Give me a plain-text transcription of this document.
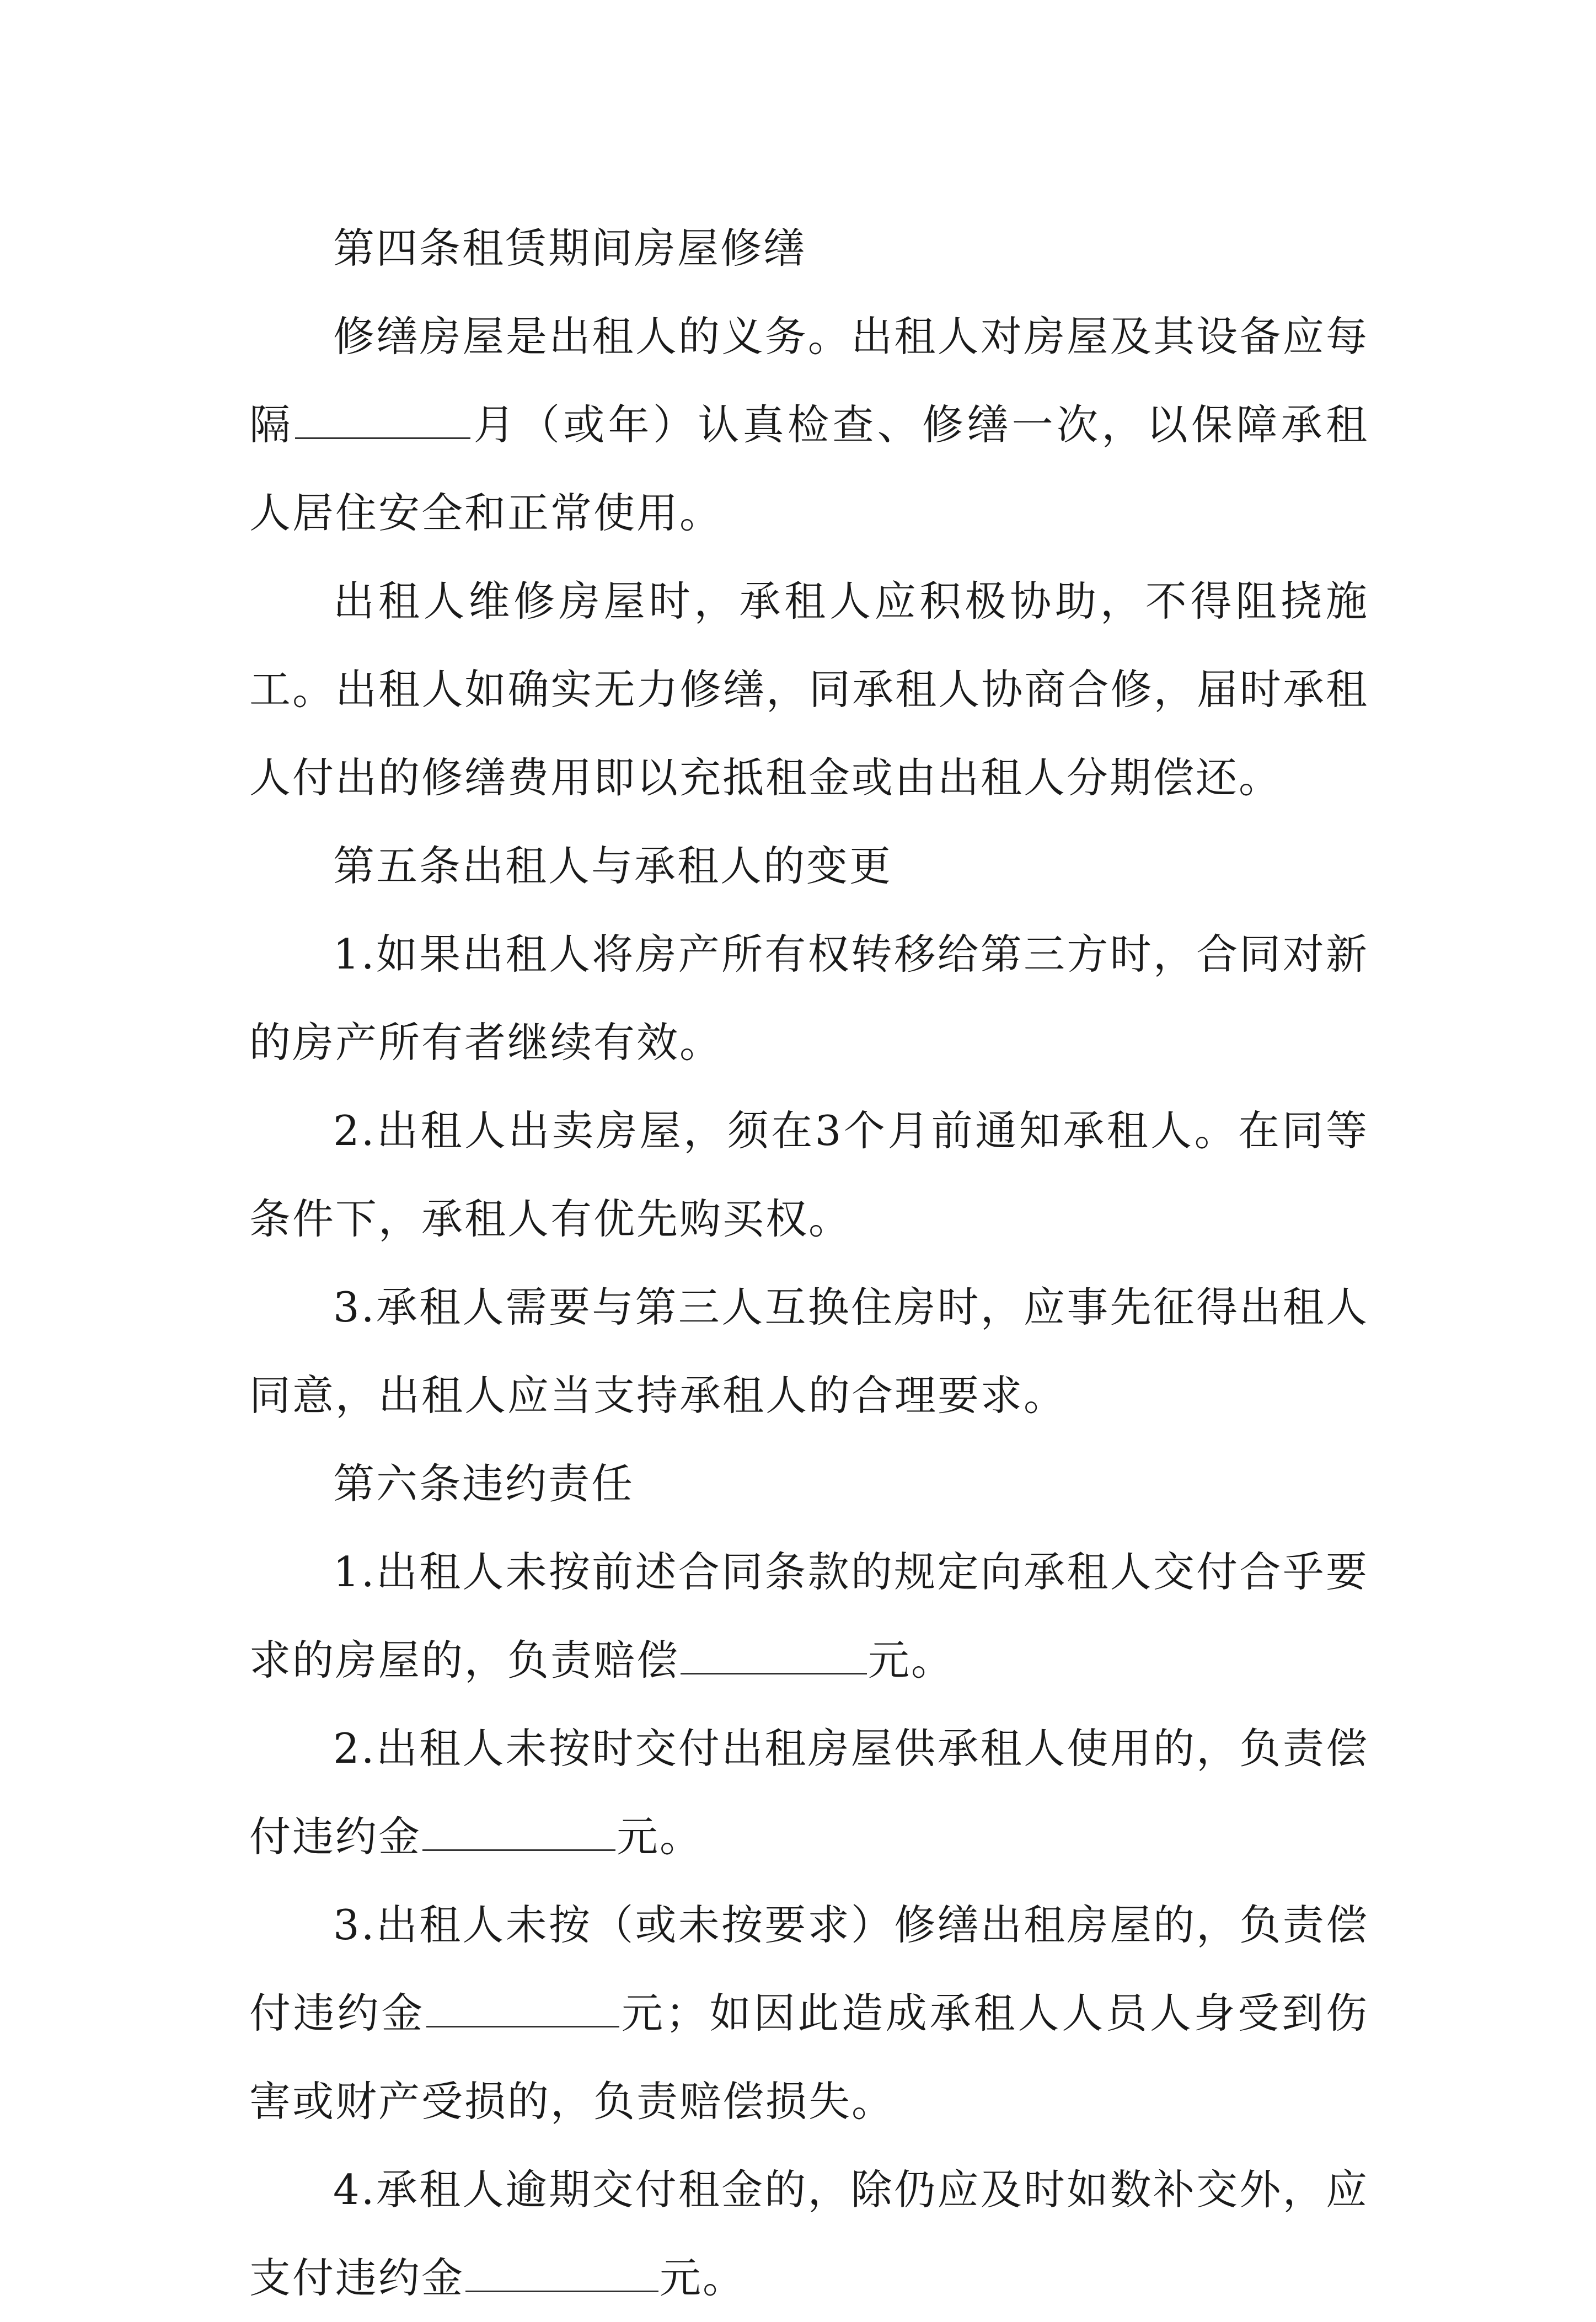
第四条租赁期间房屋修缮

修缮房屋是出租人的义务。出租人对房屋及其设备应每隔	月（或年）认真检查、修缮一次，以保障承租人居住安全和正常使用。

出租人维修房屋时，承租人应积极协助，不得阻挠施工。出租人如确实无力修缮，同承租人协商合修，届时承租人付出的修缮费用即以充抵租金或由出租人分期偿还。

第五条出租人与承租人的变更

1.如果出租人将房产所有权转移给第三方时，合同对新的房产所有者继续有效。

2.出租人出卖房屋，须在3个月前通知承租人。在同等条件下，承租人有优先购买权。

3.承租人需要与第三人互换住房时，应事先征得出租人同意，出租人应当支持承租人的合理要求。

第六条违约责任

1.出租人未按前述合同条款的规定向承租人交付合乎要求的房屋的，负责赔偿	元。

2.出租人未按时交付出租房屋供承租人使用的，负责偿付违约金	元。

3.出租人未按（或未按要求）修缮出租房屋的，负责偿付违约金	元；如因此造成承租人人员人身受到伤害或财产受损的，负责赔偿损失。

4.承租人逾期交付租金的，除仍应及时如数补交外，应支付违约金	元。
